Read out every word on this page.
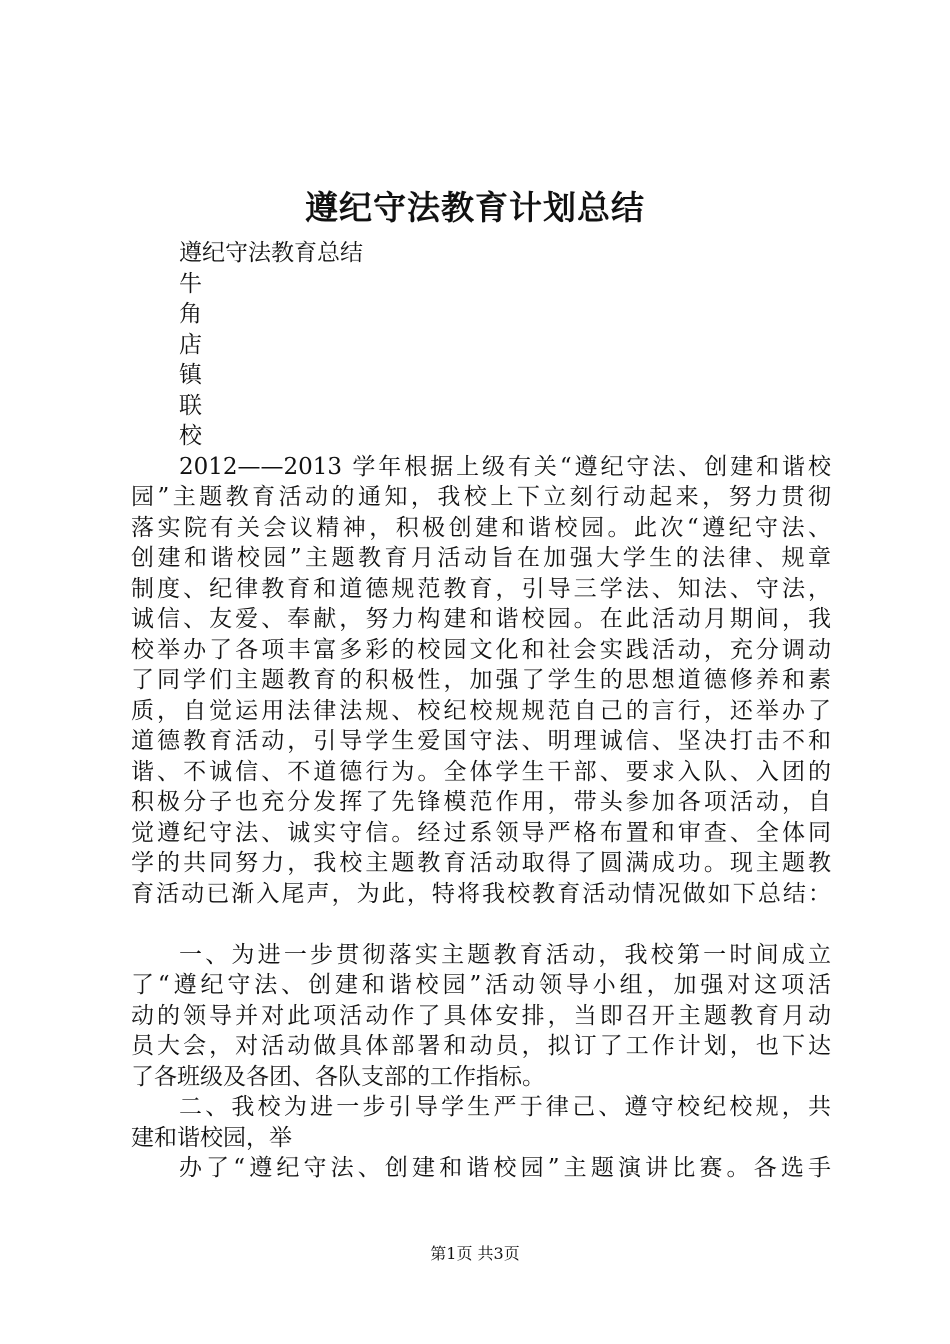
遵纪守法教育计划总结
遵纪守法教育总结
牛
角
店
镇
联
校
2012——2013 学年根据上级有关“遵纪守法、创建和谐校
园”主题教育活动的通知，我校上下立刻行动起来，努力贯彻
落实院有关会议精神，积极创建和谐校园。此次“遵纪守法、
创建和谐校园”主题教育月活动旨在加强大学生的法律、规章
制度、纪律教育和道德规范教育，引导三学法、知法、守法，
诚信、友爱、奉献，努力构建和谐校园。在此活动月期间，我
校举办了各项丰富多彩的校园文化和社会实践活动，充分调动
了同学们主题教育的积极性，加强了学生的思想道德修养和素
质，自觉运用法律法规、校纪校规规范自己的言行，还举办了
道德教育活动，引导学生爱国守法、明理诚信、坚决打击不和
谐、不诚信、不道德行为。全体学生干部、要求入队、入团的
积极分子也充分发挥了先锋模范作用，带头参加各项活动，自
觉遵纪守法、诚实守信。经过系领导严格布置和审查、全体同
学的共同努力，我校主题教育活动取得了圆满成功。现主题教
育活动已渐入尾声，为此，特将我校教育活动情况做如下总结：
一、为进一步贯彻落实主题教育活动，我校第一时间成立
了“遵纪守法、创建和谐校园”活动领导小组，加强对这项活
动的领导并对此项活动作了具体安排，当即召开主题教育月动
员大会，对活动做具体部署和动员，拟订了工作计划，也下达
了各班级及各团、各队支部的工作指标。
二、我校为进一步引导学生严于律己、遵守校纪校规，共
建和谐校园，举
办了“遵纪守法、创建和谐校园”主题演讲比赛。各选手
第1页 共3页
